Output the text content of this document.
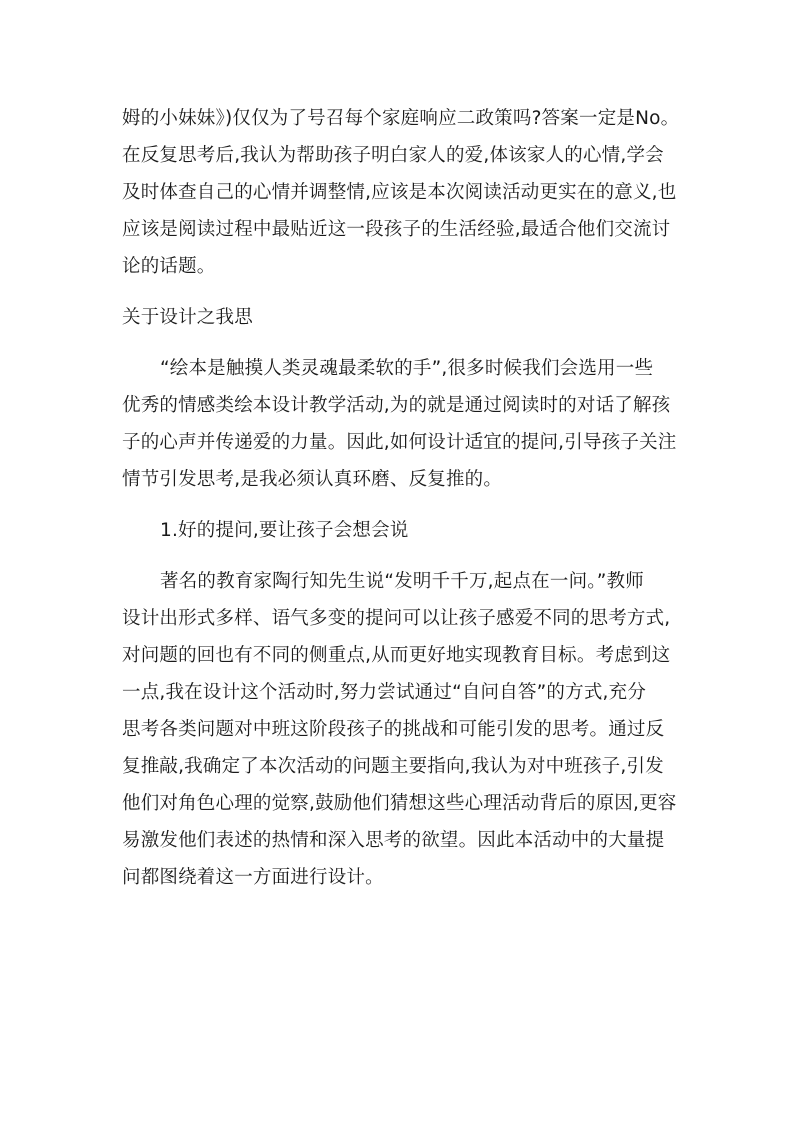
姆的小妹妹》)仅仅为了号召每个家庭响应二政策吗?答案一定是No。
在反复思考后,我认为帮助孩子明白家人的爱,体该家人的心情,学会
及时体查自己的心情并调整情,应该是本次阅读活动更实在的意义,也
应该是阅读过程中最贴近这一段孩子的生活经验,最适合他们交流讨
论的话题。
关于设计之我思
“绘本是触摸人类灵魂最柔软的手”,很多时候我们会选用一些
优秀的情感类绘本设计教学活动,为的就是通过阅读时的对话了解孩
子的心声并传递爱的力量。因此,如何设计适宜的提问,引导孩子关注
情节引发思考,是我必须认真环磨、反复推的。
1.好的提问,要让孩子会想会说
著名的教育家陶行知先生说“发明千千万,起点在一问。”教师
设计出形式多样、语气多变的提问可以让孩子感爱不同的思考方式,
对问题的回也有不同的侧重点,从而更好地实现教育目标。考虑到这
一点,我在设计这个活动时,努力尝试通过“自问自答”的方式,充分
思考各类问题对中班这阶段孩子的挑战和可能引发的思考。通过反
复推敲,我确定了本次活动的问题主要指向,我认为对中班孩子,引发
他们对角色心理的觉察,鼓励他们猜想这些心理活动背后的原因,更容
易激发他们表述的热情和深入思考的欲望。因此本活动中的大量提
问都图绕着这一方面进行设计。
